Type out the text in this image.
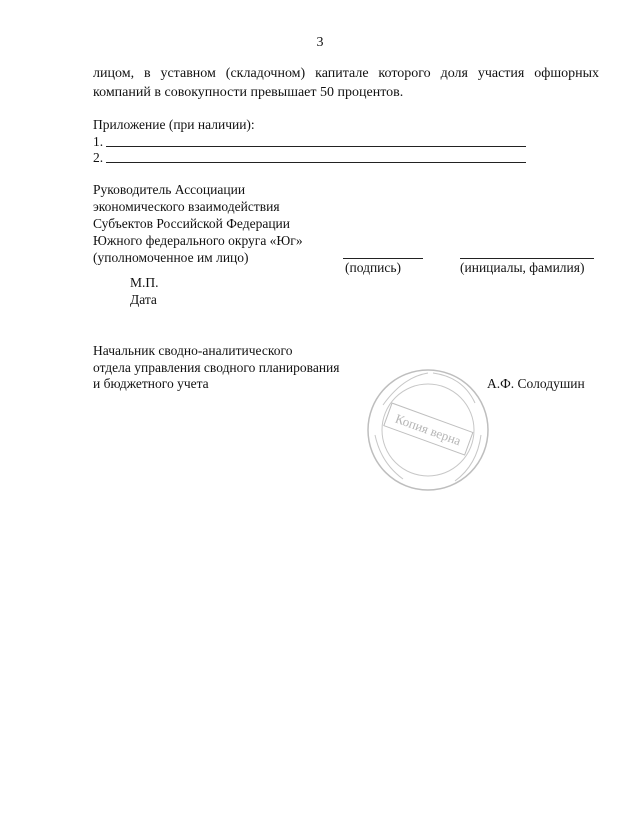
3
лицом, в уставном (складочном) капитале которого доля участия офшорных
компаний в совокупности превышает 50 процентов.
Приложение (при наличии):
1.
2.
Руководитель Ассоциации
экономического взаимодействия
Субъектов Российской Федерации
Южного федерального округа «Юг»
(уполномоченное им лицо)
(подпись)	(инициалы, фамилия)
М.П.
Дата
Начальник сводно-аналитического
отдела управления сводного планирования
и бюджетного учета	А.Ф. Солодушин
Копия верна
